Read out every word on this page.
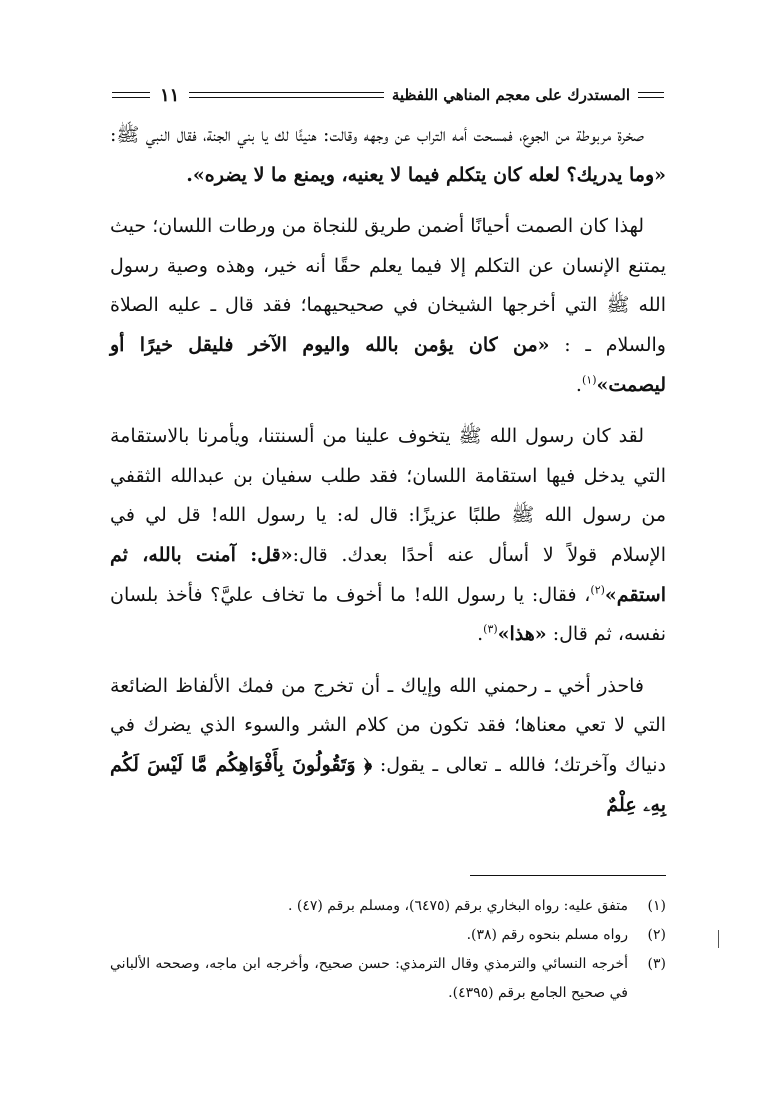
المستدرك على معجم المناهي اللفظية
١١

صخرة مربوطة من الجوع، فمسحت أمه التراب عن وجهه وقالت: هنيئًا لك يا بني الجنة، فقال النبي ﷺ: «وما يدريك؟ لعله كان يتكلم فيما لا يعنيه، ويمنع ما لا يضره».

لهذا كان الصمت أحيانًا أضمن طريق للنجاة من ورطات اللسان؛ حيث يمتنع الإنسان عن التكلم إلا فيما يعلم حقًا أنه خير، وهذه وصية رسول الله ﷺ التي أخرجها الشيخان في صحيحيهما؛ فقد قال ـ عليه الصلاة والسلام ـ : «من كان يؤمن بالله واليوم الآخر فليقل خيرًا أو ليصمت»$^{(١)}$.

لقد كان رسول الله ﷺ يتخوف علينا من ألسنتنا، ويأمرنا بالاستقامة التي يدخل فيها استقامة اللسان؛ فقد طلب سفيان بن عبدالله الثقفي من رسول الله ﷺ طلبًا عزيزًا: قال له: يا رسول الله! قل لي في الإسلام قولاً لا أسأل عنه أحدًا بعدك. قال:«قل: آمنت بالله، ثم استقم»$^{(٢)}$، فقال: يا رسول الله! ما أخوف ما تخاف عليَّ؟ فأخذ بلسان نفسه، ثم قال: «هذا»$^{(٣)}$.

فاحذر أخي ـ رحمني الله وإياك ـ أن تخرج من فمك الألفاظ الضائعة التي لا تعي معناها؛ فقد تكون من كلام الشر والسوء الذي يضرك في دنياك وآخرتك؛ فالله ـ تعالى ـ يقول: ﴿ وَتَقُولُونَ بِأَفْوَاهِكُم مَّا لَيْسَ لَكُم بِهِۦ عِلْمٌ

(١)
متفق عليه: رواه البخاري برقم (٦٤٧٥)، ومسلم برقم (٤٧) .
(٢)
رواه مسلم بنحوه رقم (٣٨).
(٣)
أخرجه النسائي والترمذي وقال الترمذي: حسن صحيح، وأخرجه ابن ماجه، وصححه الألباني في صحيح الجامع برقم (٤٣٩٥).
